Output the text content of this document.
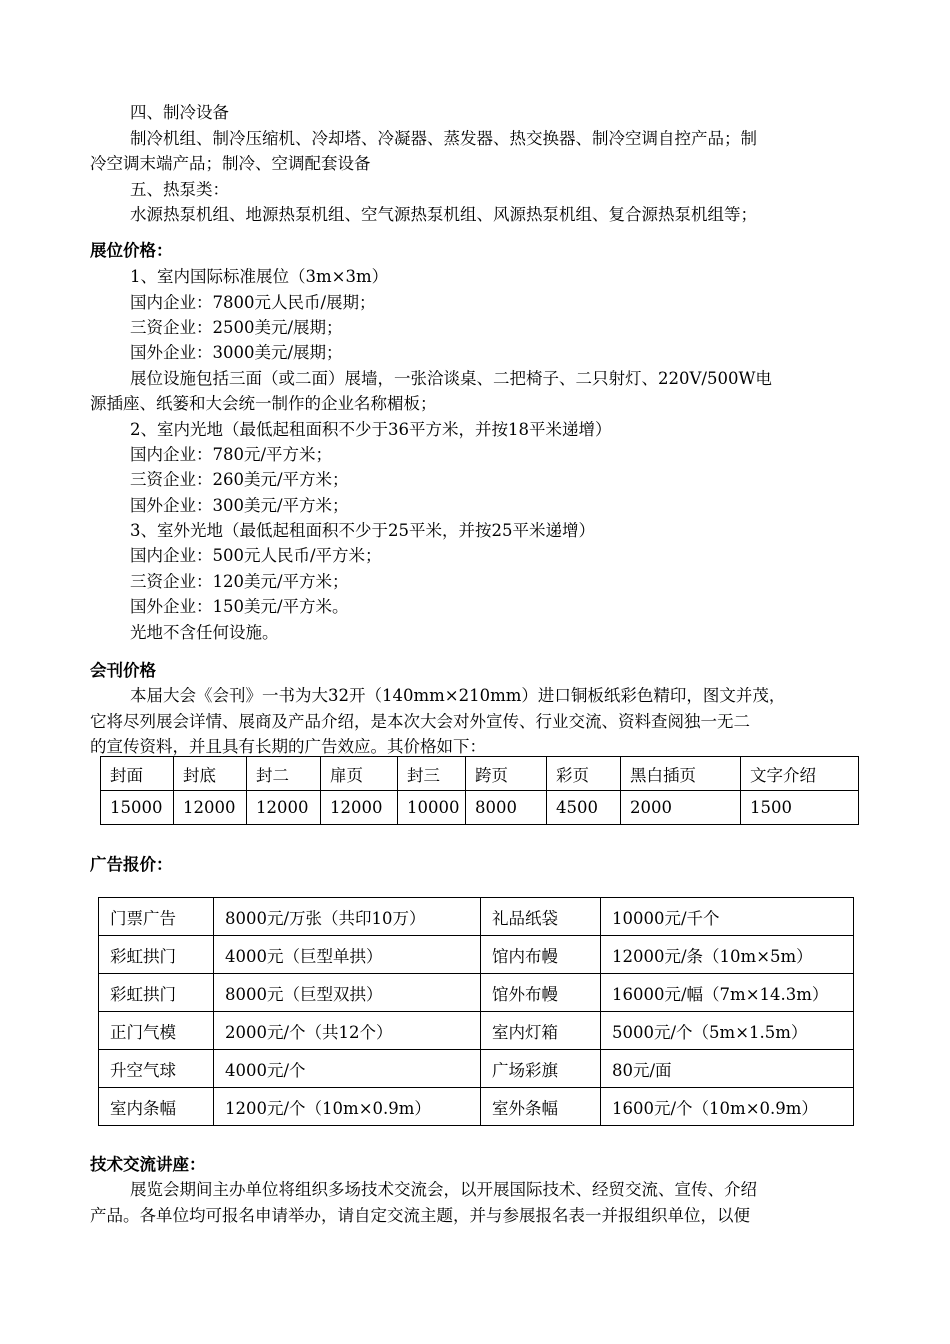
四、制冷设备
制冷机组、制冷压缩机、冷却塔、冷凝器、蒸发器、热交换器、制冷空调自控产品；制
冷空调末端产品；制冷、空调配套设备
五、热泵类：
水源热泵机组、地源热泵机组、空气源热泵机组、风源热泵机组、复合源热泵机组等；
展位价格：
1、室内国际标准展位（3m×3m）
国内企业：7800元人民币/展期；
三资企业：2500美元/展期；
国外企业：3000美元/展期；
展位设施包括三面（或二面）展墙，一张洽谈桌、二把椅子、二只射灯、220V/500W电
源插座、纸篓和大会统一制作的企业名称楣板；
2、室内光地（最低起租面积不少于36平方米，并按18平米递增）
国内企业：780元/平方米；
三资企业：260美元/平方米；
国外企业：300美元/平方米；
3、室外光地（最低起租面积不少于25平米，并按25平米递增）
国内企业：500元人民币/平方米；
三资企业：120美元/平方米；
国外企业：150美元/平方米。
光地不含任何设施。
会刊价格
本届大会《会刊》一书为大32开（140mm×210mm）进口铜板纸彩色精印，图文并茂，
它将尽列展会详情、展商及产品介绍，是本次大会对外宣传、行业交流、资料查阅独一无二
的宣传资料，并且具有长期的广告效应。其价格如下：
封面	封底	封二	扉页	封三	跨页	彩页	黑白插页	文字介绍
15000	12000	12000	12000	10000	8000	4500	2000	1500
广告报价：
门票广告	8000元/万张（共印10万）	礼品纸袋	10000元/千个
彩虹拱门	4000元（巨型单拱）	馆内布幔	12000元/条（10m×5m）
彩虹拱门	8000元（巨型双拱）	馆外布幔	16000元/幅（7m×14.3m）
正门气模	2000元/个（共12个）	室内灯箱	5000元/个（5m×1.5m）
升空气球	4000元/个	广场彩旗	80元/面
室内条幅	1200元/个（10m×0.9m）	室外条幅	1600元/个（10m×0.9m）
技术交流讲座：
展览会期间主办单位将组织多场技术交流会，以开展国际技术、经贸交流、宣传、介绍
产品。各单位均可报名申请举办，请自定交流主题，并与参展报名表一并报组织单位，以便
